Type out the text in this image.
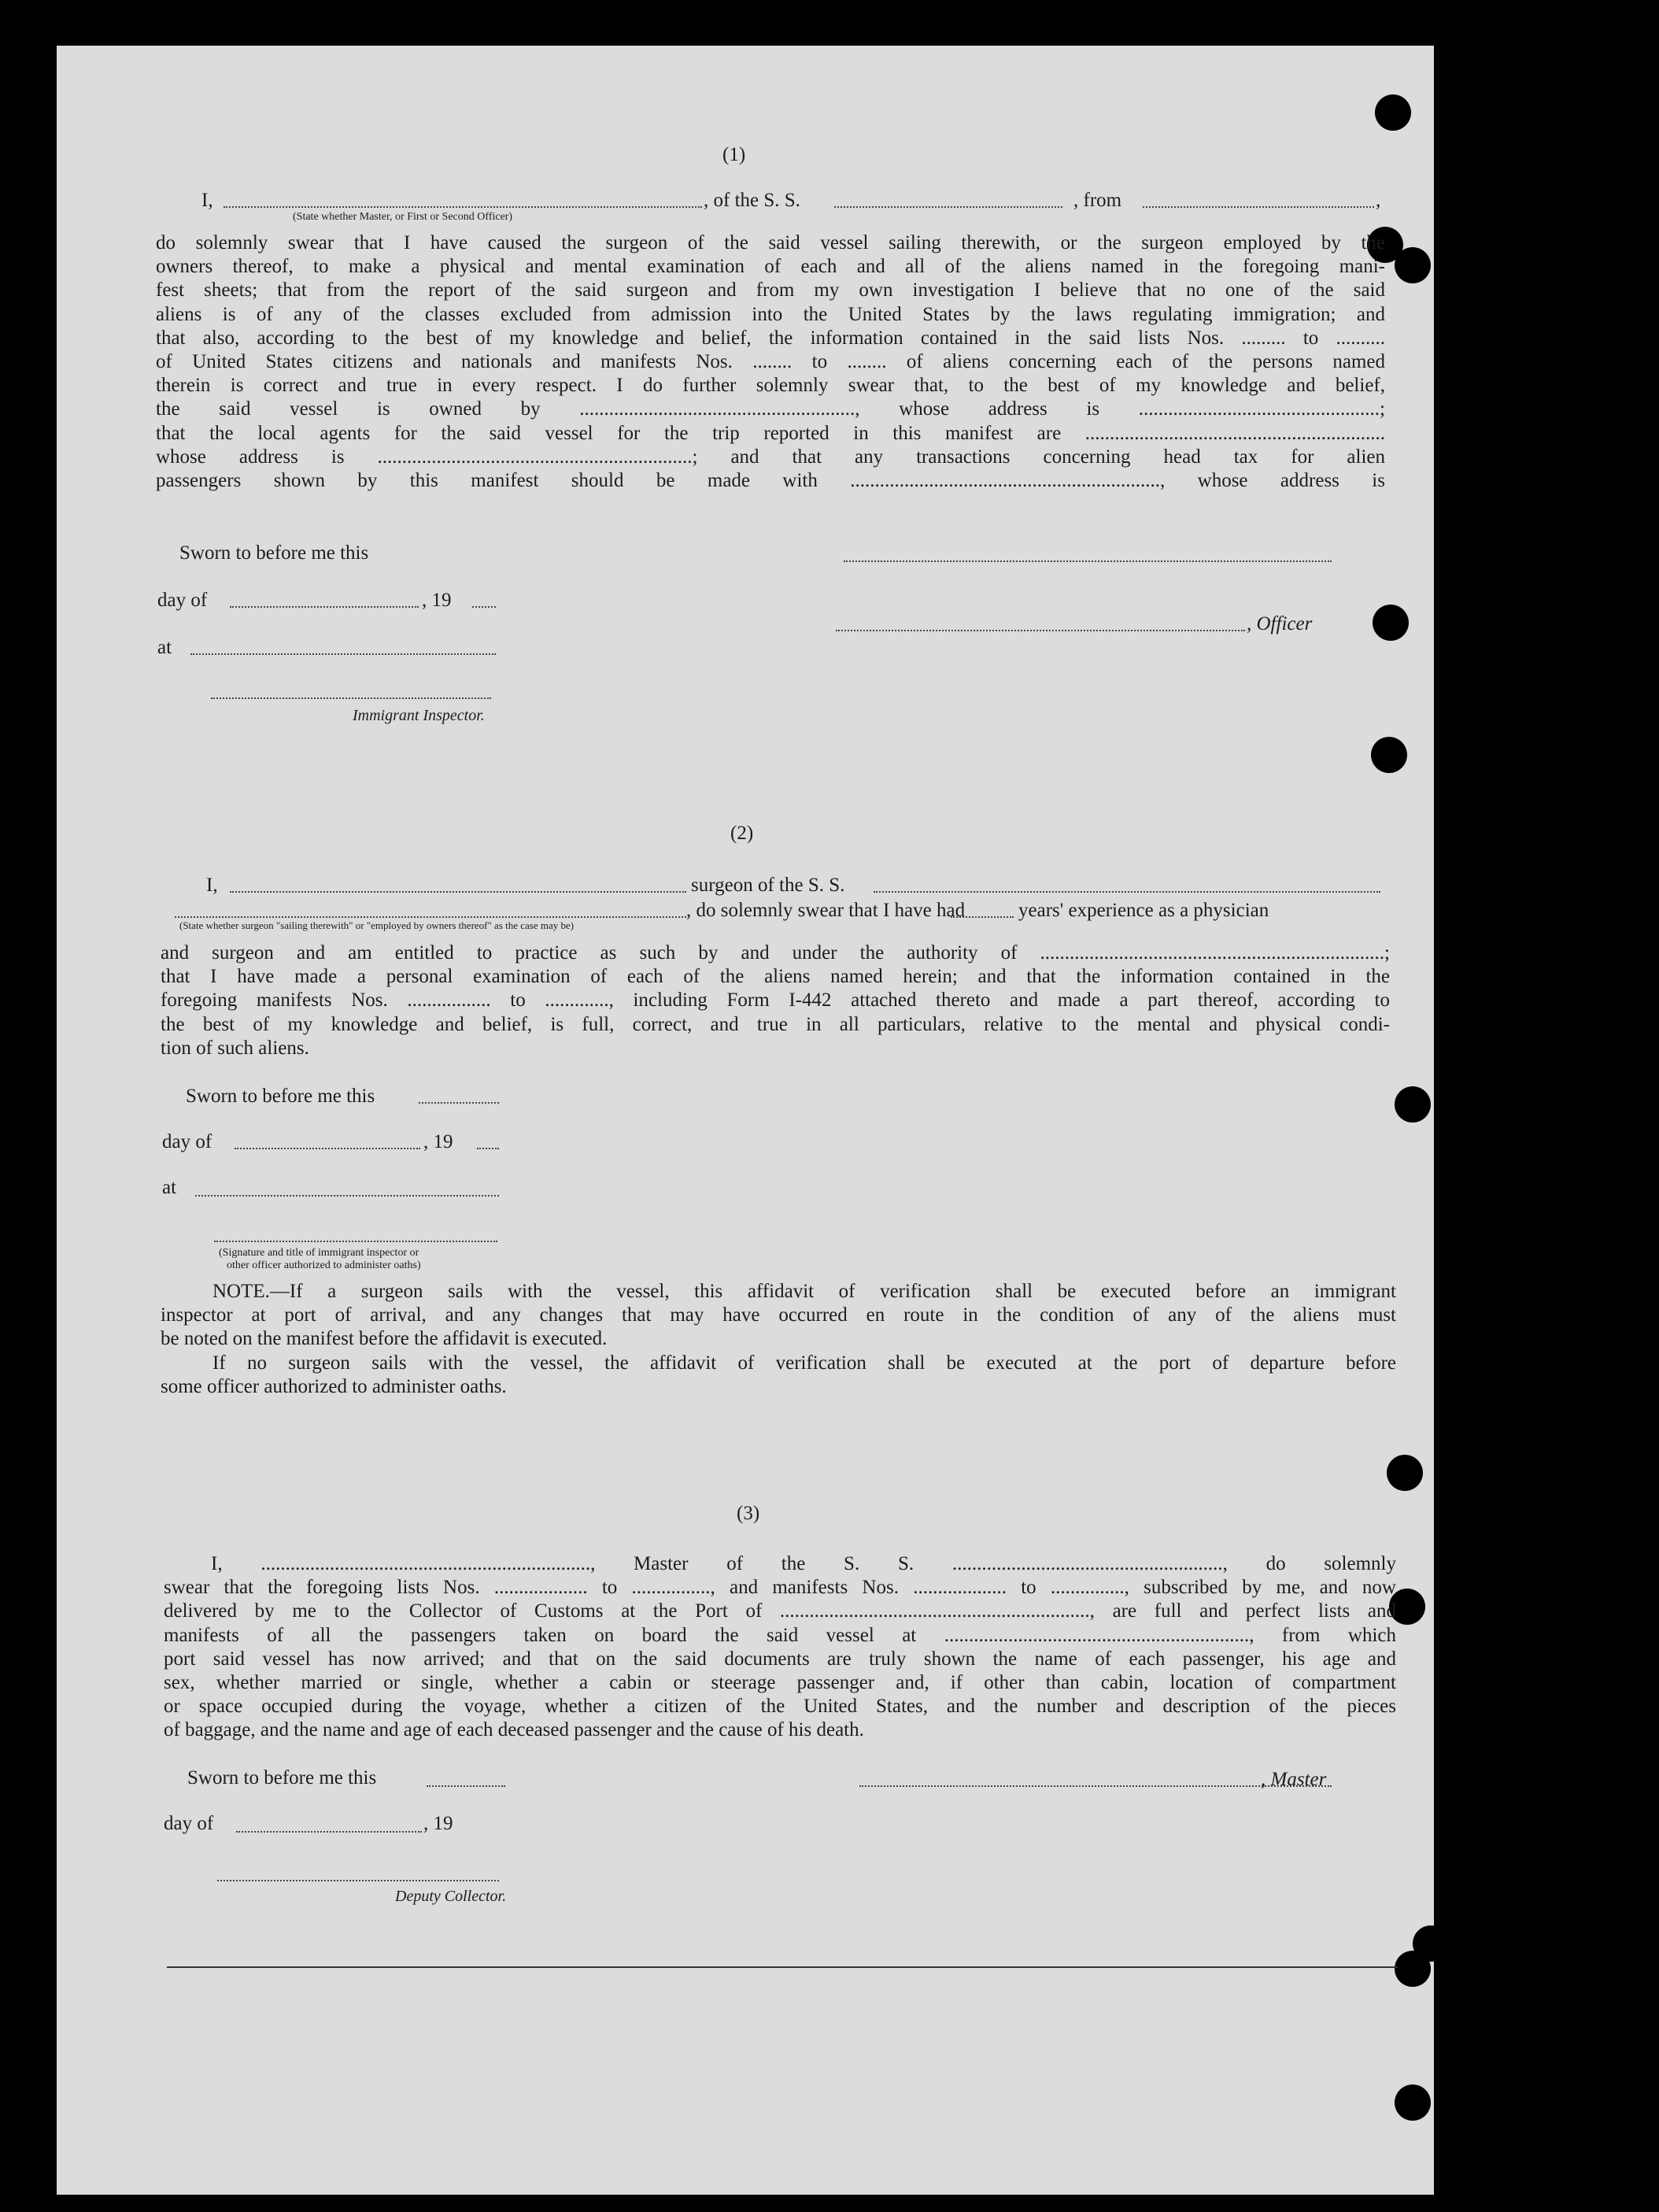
(1)
I,	, of the S. S.	, from	,
(State whether Master, or First or Second Officer)
do solemnly swear that I have caused the surgeon of the said vessel sailing therewith, or the surgeon employed by the
owners thereof, to make a physical and mental examination of each and all of the aliens named in the foregoing mani-
fest sheets; that from the report of the said surgeon and from my own investigation I believe that no one of the said
aliens is of any of the classes excluded from admission into the United States by the laws regulating immigration; and
that also, according to the best of my knowledge and belief, the information contained in the said lists Nos. ......... to ..........
of United States citizens and nationals and manifests Nos. ........ to ........ of aliens concerning each of the persons named
therein is correct and true in every respect. I do further solemnly swear that, to the best of my knowledge and belief,
the said vessel is owned by ........................................................, whose address is .................................................;
that the local agents for the said vessel for the trip reported in this manifest are .............................................................
whose address is ................................................................; and that any transactions concerning head tax for alien
passengers shown by this manifest should be made with ..............................................................., whose address is
Sworn to before me this
day of	, 19
, Officer
at
Immigrant Inspector.
(2)
I,	surgeon of the S. S.
, do solemnly swear that I have had	years' experience as a physician
(State whether surgeon "sailing therewith" or "employed by owners thereof" as the case may be)
and surgeon and am entitled to practice as such by and under the authority of ......................................................................;
that I have made a personal examination of each of the aliens named herein; and that the information contained in the
foregoing manifests Nos. ................. to ............., including Form I-442 attached thereto and made a part thereof, according to
the best of my knowledge and belief, is full, correct, and true in all particulars, relative to the mental and physical condi-
tion of such aliens.
Sworn to before me this
day of	, 19
at
(Signature and title of immigrant inspector or
other officer authorized to administer oaths)
NOTE.—If a surgeon sails with the vessel, this affidavit of verification shall be executed before an immigrant
inspector at port of arrival, and any changes that may have occurred en route in the condition of any of the aliens must
be noted on the manifest before the affidavit is executed.
If no surgeon sails with the vessel, the affidavit of verification shall be executed at the port of departure before
some officer authorized to administer oaths.
(3)
I, ..................................................................., Master of the S. S. ......................................................., do solemnly
swear that the foregoing lists Nos. ................... to ................, and manifests Nos. ................... to ..............., subscribed by me, and now
delivered by me to the Collector of Customs at the Port of ..............................................................., are full and perfect lists and
manifests of all the passengers taken on board the said vessel at .............................................................., from which
port said vessel has now arrived; and that on the said documents are truly shown the name of each passenger, his age and
sex, whether married or single, whether a cabin or steerage passenger and, if other than cabin, location of compartment
or space occupied during the voyage, whether a citizen of the United States, and the number and description of the pieces
of baggage, and the name and age of each deceased passenger and the cause of his death.
Sworn to before me this	, Master
day of	, 19
Deputy Collector.
